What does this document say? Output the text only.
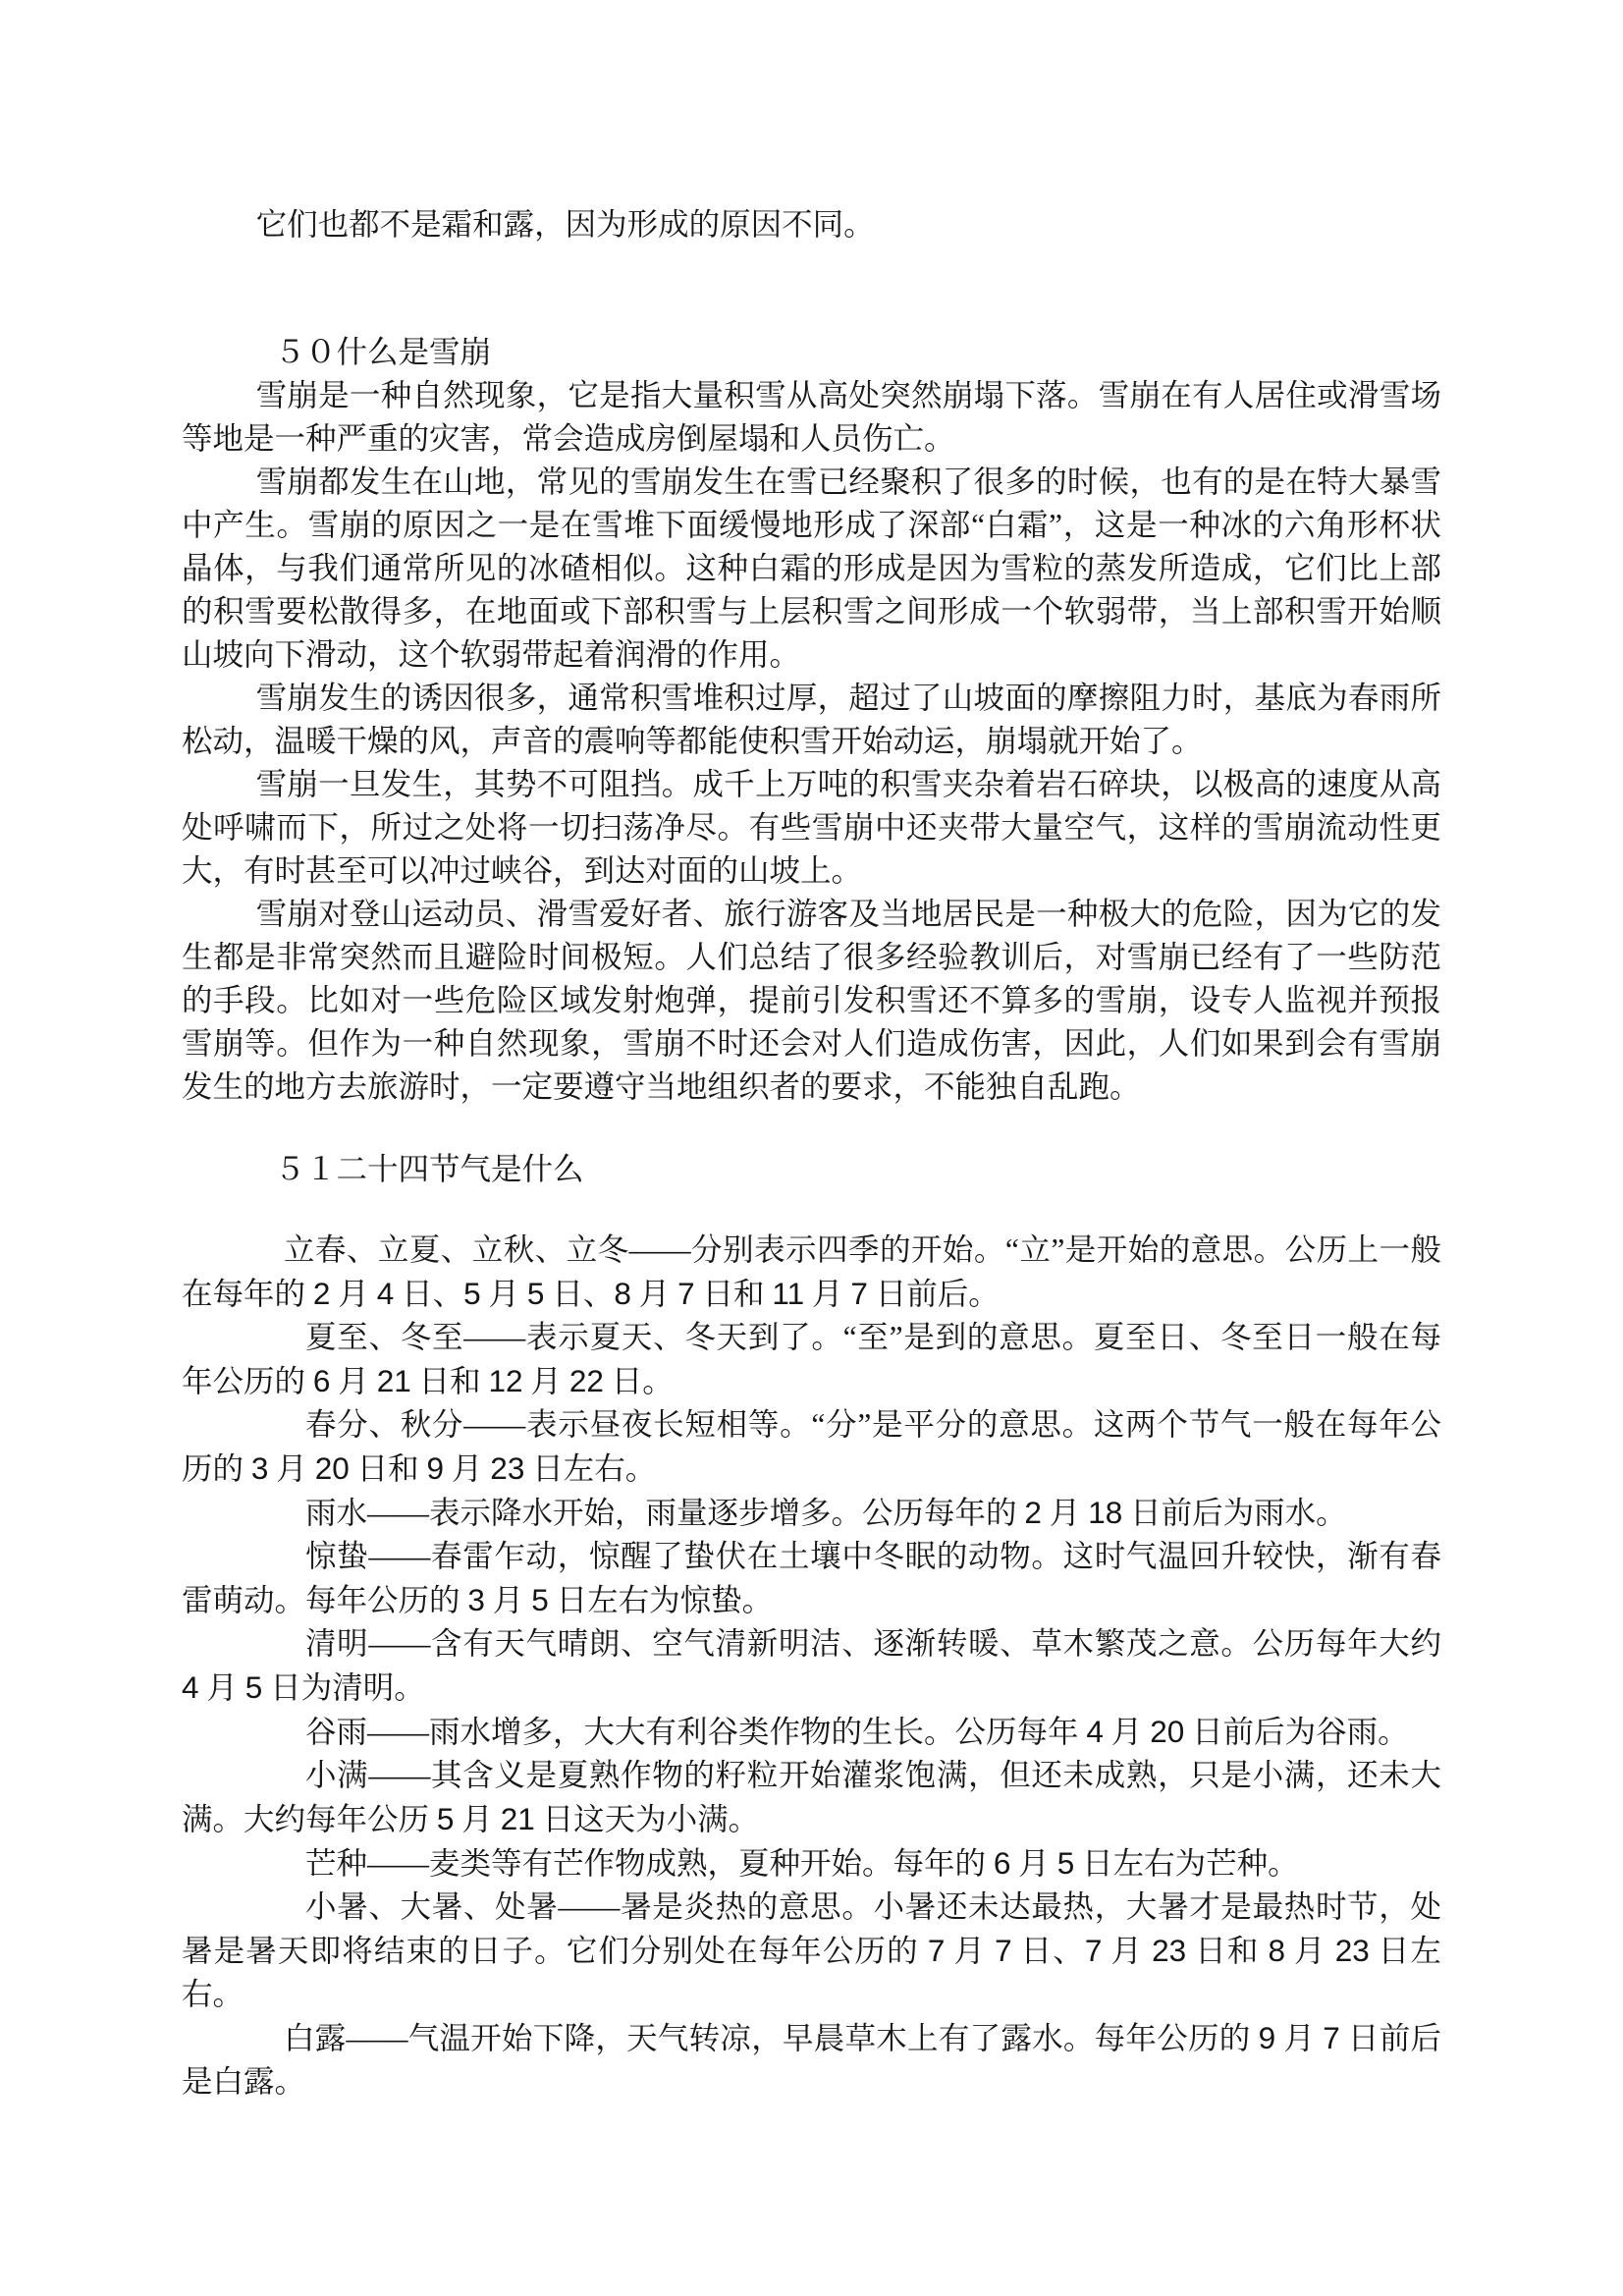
它们也都不是霜和露，因为形成的原因不同。

５０什么是雪崩

雪崩是一种自然现象，它是指大量积雪从高处突然崩塌下落。雪崩在有人居住或滑雪场等地是一种严重的灾害，常会造成房倒屋塌和人员伤亡。

雪崩都发生在山地，常见的雪崩发生在雪已经聚积了很多的时候，也有的是在特大暴雪中产生。雪崩的原因之一是在雪堆下面缓慢地形成了深部“白霜”，这是一种冰的六角形杯状晶体，与我们通常所见的冰碴相似。这种白霜的形成是因为雪粒的蒸发所造成，它们比上部的积雪要松散得多，在地面或下部积雪与上层积雪之间形成一个软弱带，当上部积雪开始顺山坡向下滑动，这个软弱带起着润滑的作用。

雪崩发生的诱因很多，通常积雪堆积过厚，超过了山坡面的摩擦阻力时，基底为春雨所松动，温暖干燥的风，声音的震响等都能使积雪开始动运，崩塌就开始了。

雪崩一旦发生，其势不可阻挡。成千上万吨的积雪夹杂着岩石碎块，以极高的速度从高处呼啸而下，所过之处将一切扫荡净尽。有些雪崩中还夹带大量空气，这样的雪崩流动性更大，有时甚至可以冲过峡谷，到达对面的山坡上。

雪崩对登山运动员、滑雪爱好者、旅行游客及当地居民是一种极大的危险，因为它的发生都是非常突然而且避险时间极短。人们总结了很多经验教训后，对雪崩已经有了一些防范的手段。比如对一些危险区域发射炮弹，提前引发积雪还不算多的雪崩，设专人监视并预报雪崩等。但作为一种自然现象，雪崩不时还会对人们造成伤害，因此，人们如果到会有雪崩发生的地方去旅游时，一定要遵守当地组织者的要求，不能独自乱跑。

５１二十四节气是什么

立春、立夏、立秋、立冬——分别表示四季的开始。“立”是开始的意思。公历上一般在每年的 2 月 4 日、5 月 5 日、8 月 7 日和 11 月 7 日前后。

夏至、冬至——表示夏天、冬天到了。“至”是到的意思。夏至日、冬至日一般在每年公历的 6 月 21 日和 12 月 22 日。

春分、秋分——表示昼夜长短相等。“分”是平分的意思。这两个节气一般在每年公历的 3 月 20 日和 9 月 23 日左右。

雨水——表示降水开始，雨量逐步增多。公历每年的 2 月 18 日前后为雨水。

惊蛰——春雷乍动，惊醒了蛰伏在土壤中冬眠的动物。这时气温回升较快，渐有春雷萌动。每年公历的 3 月 5 日左右为惊蛰。

清明——含有天气晴朗、空气清新明洁、逐渐转暖、草木繁茂之意。公历每年大约 4 月 5 日为清明。

谷雨——雨水增多，大大有利谷类作物的生长。公历每年 4 月 20 日前后为谷雨。

小满——其含义是夏熟作物的籽粒开始灌浆饱满，但还未成熟，只是小满，还未大满。大约每年公历 5 月 21 日这天为小满。

芒种——麦类等有芒作物成熟，夏种开始。每年的 6 月 5 日左右为芒种。

小暑、大暑、处暑——暑是炎热的意思。小暑还未达最热，大暑才是最热时节，处暑是暑天即将结束的日子。它们分别处在每年公历的 7 月 7 日、7 月 23 日和 8 月 23 日左右。

白露——气温开始下降，天气转凉，早晨草木上有了露水。每年公历的 9 月 7 日前后是白露。
